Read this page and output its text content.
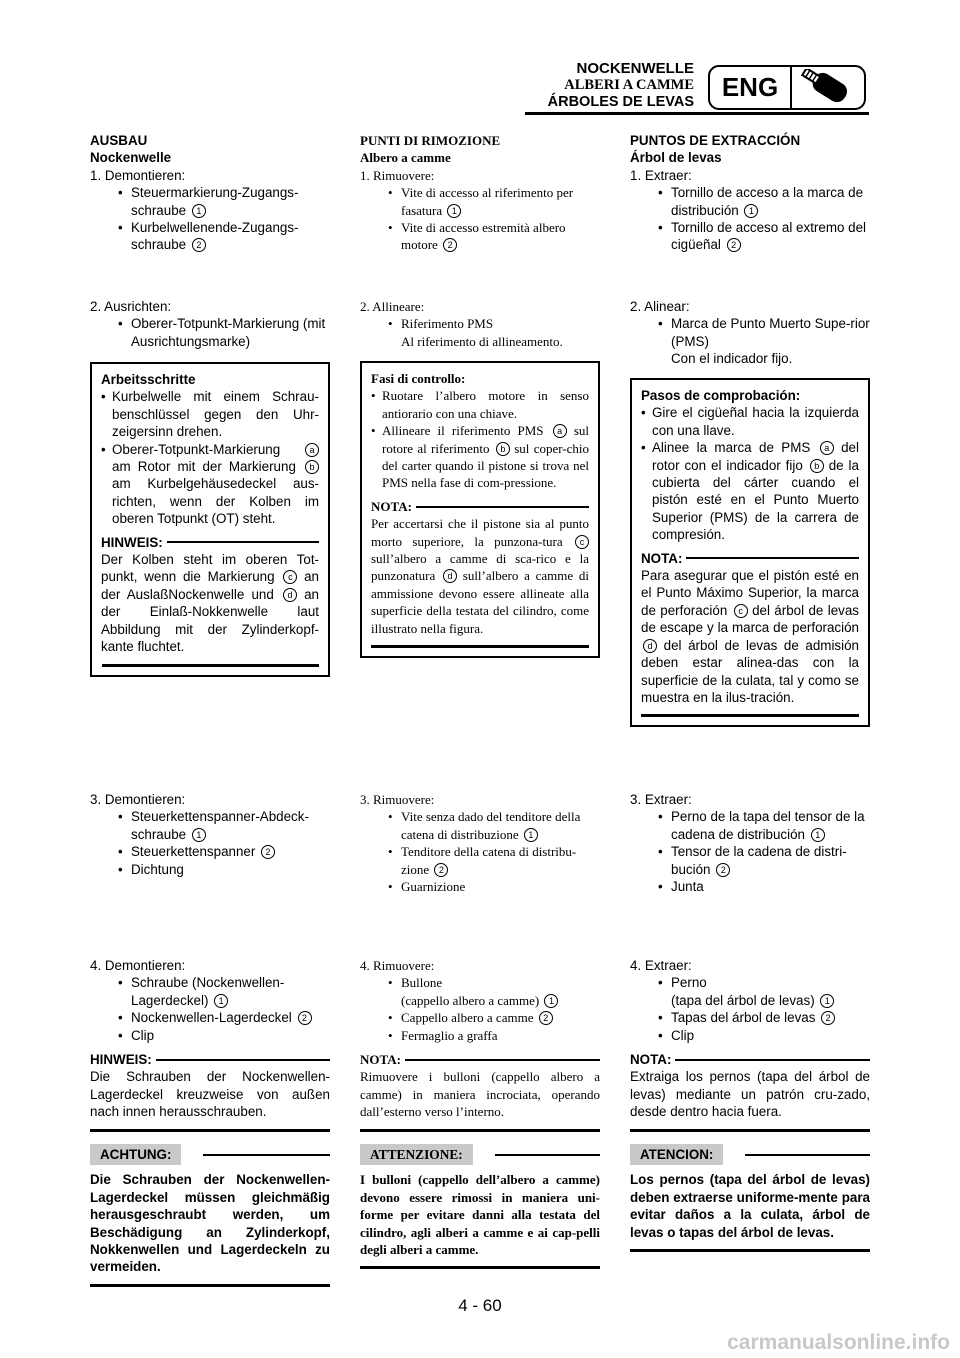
NOCKENWELLE
ALBERI A CAMME
ÁRBOLES DE LEVAS	ENG

AUSBAU

Nockenwelle

1. Demontieren:

• Steuermarkierung-Zugangs-schraube 1

• Kurbelwellenende-Zugangs-schraube 2

2. Ausrichten:

• Oberer-Totpunkt-Markierung (mit Ausrichtungsmarke)

Arbeitsschritte

• Kurbelwelle mit einem Schrau-benschlüssel gegen den Uhr-zeigersinn drehen.

• Oberer-Totpunkt-Markierung	a am Rotor mit der Markierung b am Kurbelgehäusedeckel aus-richten, wenn der Kolben im oberen Totpunkt (OT) steht.

HINWEIS:

Der Kolben steht im oberen Tot-punkt, wenn die Markierung c an der AuslaßNockenwelle und d an der Einlaß-Nokkenwelle laut Abbildung mit der Zylinderkopf-kante fluchtet.

3. Demontieren:

• Steuerkettenspanner-Abdeck-schraube 1

• Steuerkettenspanner 2

• Dichtung

4. Demontieren:

• Schraube (Nockenwellen-Lagerdeckel) 1

• Nockenwellen-Lagerdeckel 2

• Clip

HINWEIS:

Die Schrauben der Nockenwellen-Lagerdeckel kreuzweise von außen nach innen herausschrauben.

ACHTUNG:

Die Schrauben der Nockenwellen-Lagerdeckel müssen gleichmäßig herausgeschraubt werden, um Beschädigung an Zylinderkopf, Nokkenwellen und Lagerdeckeln zu vermeiden.

PUNTI DI RIMOZIONE

Albero a camme

1. Rimuovere:

• Vite di accesso al riferimento per fasatura 1

• Vite di accesso estremità albero motore 2

2. Allineare:

• Riferimento PMS

Al riferimento di allineamento.

Fasi di controllo:

• Ruotare l’albero motore in senso antiorario con una chiave.

• Allineare il riferimento PMS a sul rotore al riferimento b sul coper-chio del carter quando il pistone si trova nel PMS nella fase di com-pressione.

NOTA:

Per accertarsi che il pistone sia al punto morto superiore, la punzona-tura c sull’albero a camme di sca-rico e la punzonatura d sull’albero a camme di ammissione devono essere allineate alla superficie della testata del cilindro, come illustrato nella figura.

3. Rimuovere:

• Vite senza dado del tenditore della catena di distribuzione 1

• Tenditore della catena di distribu-zione 2

• Guarnizione

4. Rimuovere:

• Bullone

(cappello albero a camme) 1

• Cappello albero a camme 2

• Fermaglio a graffa

NOTA:

Rimuovere i bulloni (cappello albero a camme) in maniera incrociata, operando dall’esterno verso l’interno.

ATTENZIONE:

I bulloni (cappello dell’albero a camme) devono essere rimossi in maniera uni-forme per evitare danni alla testata del cilindro, agli alberi a camme e ai cap-pelli degli alberi a camme.

PUNTOS DE EXTRACCIÓN

Árbol de levas

1. Extraer:

• Tornillo de acceso a la marca de distribución 1

• Tornillo de acceso al extremo del cigüeñal 2

2. Alinear:

• Marca de Punto Muerto Supe-rior (PMS)

Con el indicador fijo.

Pasos de comprobación:

• Gire el cigüeñal hacia la izquierda con una llave.

• Alinee la marca de PMS a del rotor con el indicador fijo b de la cubierta del cárter cuando el pistón esté en el Punto Muerto Superior (PMS) de la carrera de compresión.

NOTA:

Para asegurar que el pistón esté en el Punto Máximo Superior, la marca de perforación c del árbol de levas de escape y la marca de perforación d del árbol de levas de admisión deben estar alinea-das con la superficie de la culata, tal y como se muestra en la ilus-tración.

3. Extraer:

• Perno de la tapa del tensor de la cadena de distribución 1

• Tensor de la cadena de distri-bución 2

• Junta

4. Extraer:

• Perno

(tapa del árbol de levas) 1

• Tapas del árbol de levas 2

• Clip

NOTA:

Extraiga los pernos (tapa del árbol de levas) mediante un patrón cru-zado, desde dentro hacia fuera.

ATENCION:

Los pernos (tapa del árbol de levas) deben extraerse uniforme-mente para evitar daños a la culata, árbol de levas o tapas del árbol de levas.

4 - 60
carmanualsonline.info
